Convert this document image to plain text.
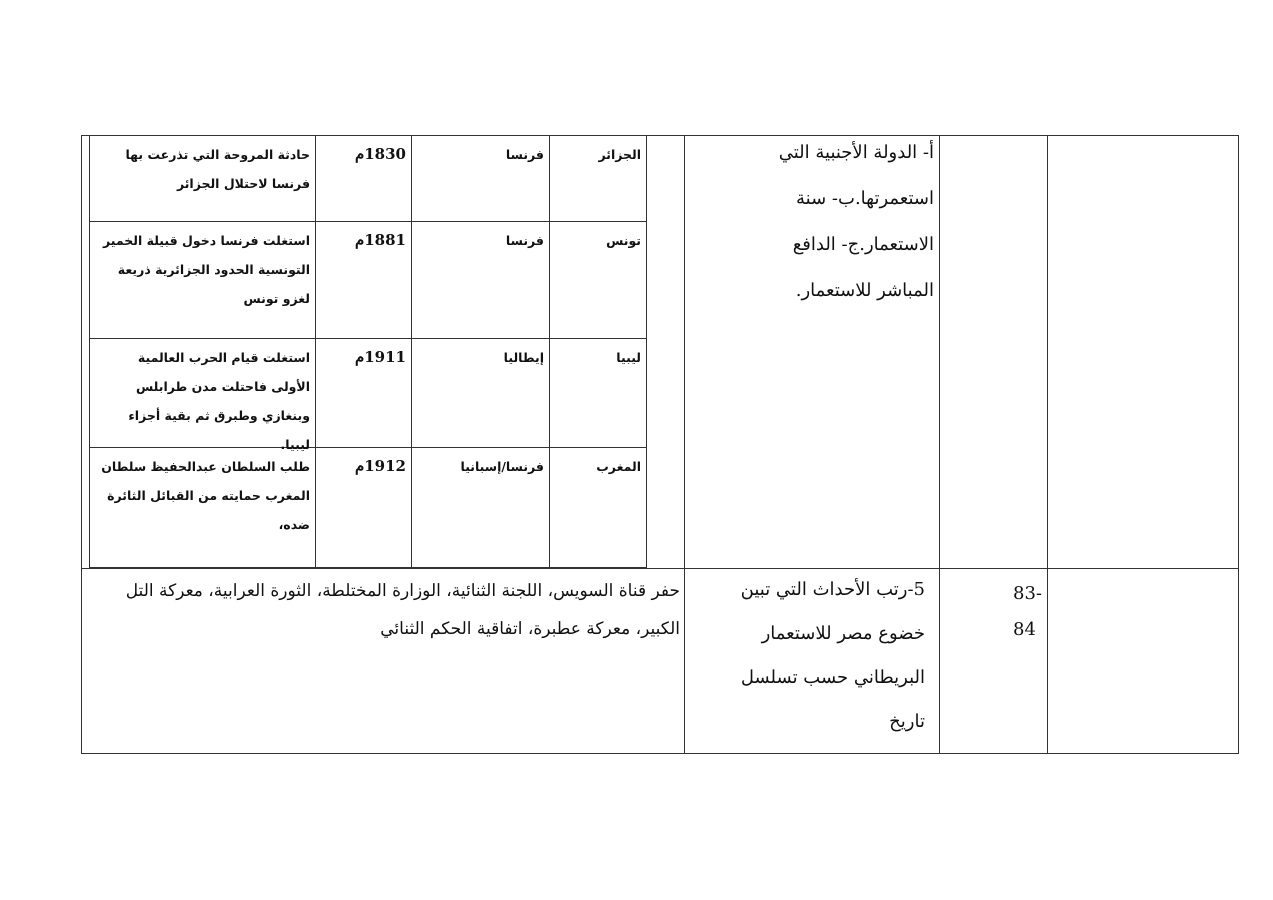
أ- الدولة الأجنبية التي استعمرتها.ب- سنة الاستعمار.ج- الدافع المباشر للاستعمار.
الجزائر
فرنسا
1830م
حادثة المروحة التي تذرعت بها فرنسا لاحتلال الجزائر
تونس
فرنسا
1881م
استغلت فرنسا دخول قبيلة الخمير التونسية الحدود الجزائرية ذريعة لغزو تونس
ليبيا
إيطاليا
1911م
استغلت قيام الحرب العالمية الأولى فاحتلت مدن طرابلس وبنغازي وطبرق ثم بقية أجزاء ليبيا.
المغرب
فرنسا/إسبانيا
1912م
طلب السلطان عبدالحفيظ سلطان المغرب حمايته من القبائل الثائرة ضده،
83-84
5-رتب الأحداث التي تبين خضوع مصر للاستعمار البريطاني حسب تسلسل تاريخ
حفر قناة السويس، اللجنة الثنائية، الوزارة المختلطة، الثورة العرابية، معركة التل الكبير، معركة عطبرة، اتفاقية الحكم الثنائي
